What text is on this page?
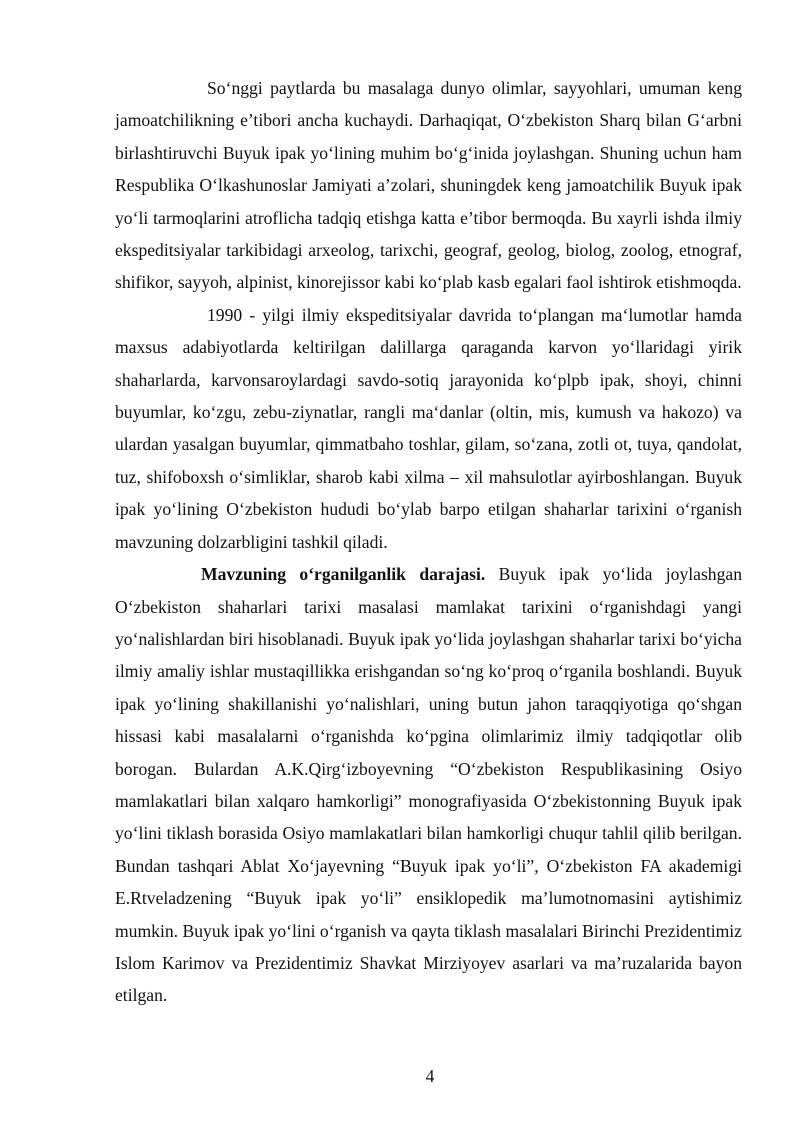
So‘nggi paytlarda bu masalaga dunyo olimlar, sayyohlari, umuman keng jamoatchilikning e’tibori ancha kuchaydi. Darhaqiqat, O‘zbekiston Sharq bilan G‘arbni birlashtiruvchi Buyuk ipak yo‘lining muhim bo‘g‘inida joylashgan. Shuning uchun ham Respublika O‘lkashunoslar Jamiyati a’zolari, shuningdek keng jamoatchilik Buyuk ipak yo‘li tarmoqlarini atroflicha tadqiq etishga katta e’tibor bermoqda. Bu xayrli ishda ilmiy ekspeditsiyalar tarkibidagi arxeolog, tarixchi, geograf, geolog, biolog, zoolog, etnograf, shifikor, sayyoh, alpinist, kinorejissor kabi ko‘plab kasb egalari faol ishtirok etishmoqda.

1990 - yilgi ilmiy ekspeditsiyalar davrida to‘plangan ma‘lumotlar hamda maxsus adabiyotlarda keltirilgan dalillarga qaraganda karvon yo‘llaridagi yirik shaharlarda, karvonsaroylardagi savdo-sotiq jarayonida ko‘plpb ipak, shoyi, chinni buyumlar, ko‘zgu, zebu-ziynatlar, rangli ma‘danlar (oltin, mis, kumush va hakozo) va ulardan yasalgan buyumlar, qimmatbaho toshlar, gilam, so‘zana, zotli ot, tuya, qandolat, tuz, shifoboxsh o‘simliklar, sharob kabi xilma – xil mahsulotlar ayirboshlangan. Buyuk ipak yo‘lining O‘zbekiston hududi bo‘ylab barpo etilgan shaharlar tarixini o‘rganish mavzuning dolzarbligini tashkil qiladi.

Mavzuning o‘rganilganlik darajasi. Buyuk ipak yo‘lida joylashgan O‘zbekiston shaharlari tarixi masalasi mamlakat tarixini o‘rganishdagi yangi yo‘nalishlardan biri hisoblanadi. Buyuk ipak yo‘lida joylashgan shaharlar tarixi bo‘yicha ilmiy amaliy ishlar mustaqillikka erishgandan so‘ng ko‘proq o‘rganila boshlandi. Buyuk ipak yo‘lining shakillanishi yo‘nalishlari, uning butun jahon taraqqiyotiga qo‘shgan hissasi kabi masalalarni o‘rganishda ko‘pgina olimlarimiz ilmiy tadqiqotlar olib borogan. Bulardan A.K.Qirg‘izboyevning “O‘zbekiston Respublikasining Osiyo mamlakatlari bilan xalqaro hamkorligi” monografiyasida O‘zbekistonning Buyuk ipak yo‘lini tiklash borasida Osiyo mamlakatlari bilan hamkorligi chuqur tahlil qilib berilgan. Bundan tashqari Ablat Xo‘jayevning “Buyuk ipak yo‘li”, O‘zbekiston FA akademigi E.Rtveladzening “Buyuk ipak yo‘li” ensiklopedik ma’lumotnomasini aytishimiz mumkin. Buyuk ipak yo‘lini o‘rganish va qayta tiklash masalalari Birinchi Prezidentimiz Islom Karimov va Prezidentimiz Shavkat Mirziyoyev asarlari va ma’ruzalarida bayon etilgan.

4
